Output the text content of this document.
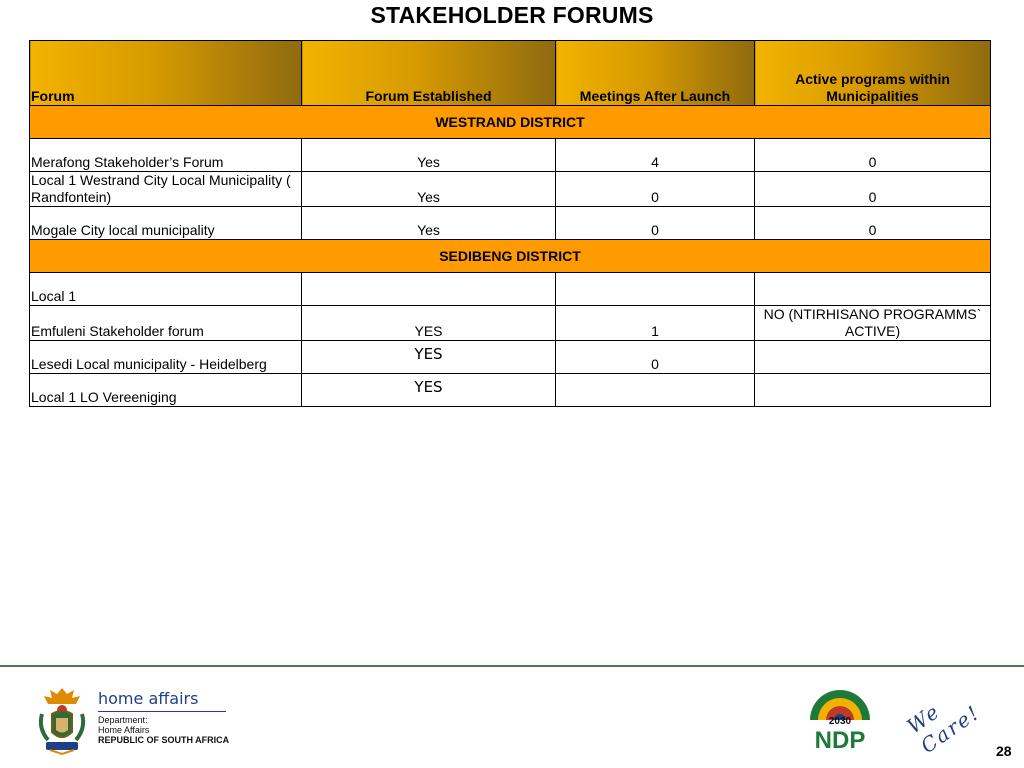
STAKEHOLDER FORUMS
Forum	Forum Established	Meetings After Launch	Active programs within Municipalities
WESTRAND DISTRICT			
Merafong Stakeholder’s Forum	Yes	4	0
Local 1 Westrand City Local Municipality ( Randfontein)	Yes	0	0
Mogale City local municipality	Yes	0	0
SEDIBENG DISTRICT			
Local 1			
Emfuleni Stakeholder forum	YES	1	NO (NTIRHISANO PROGRAMMS` ACTIVE)
Lesedi Local municipality - Heidelberg	YES	0	
Local 1 LO Vereeniging	YES		
home affairs
Department:
Home Affairs
REPUBLIC OF SOUTH AFRICA
2030
NDP
We Care! 28
